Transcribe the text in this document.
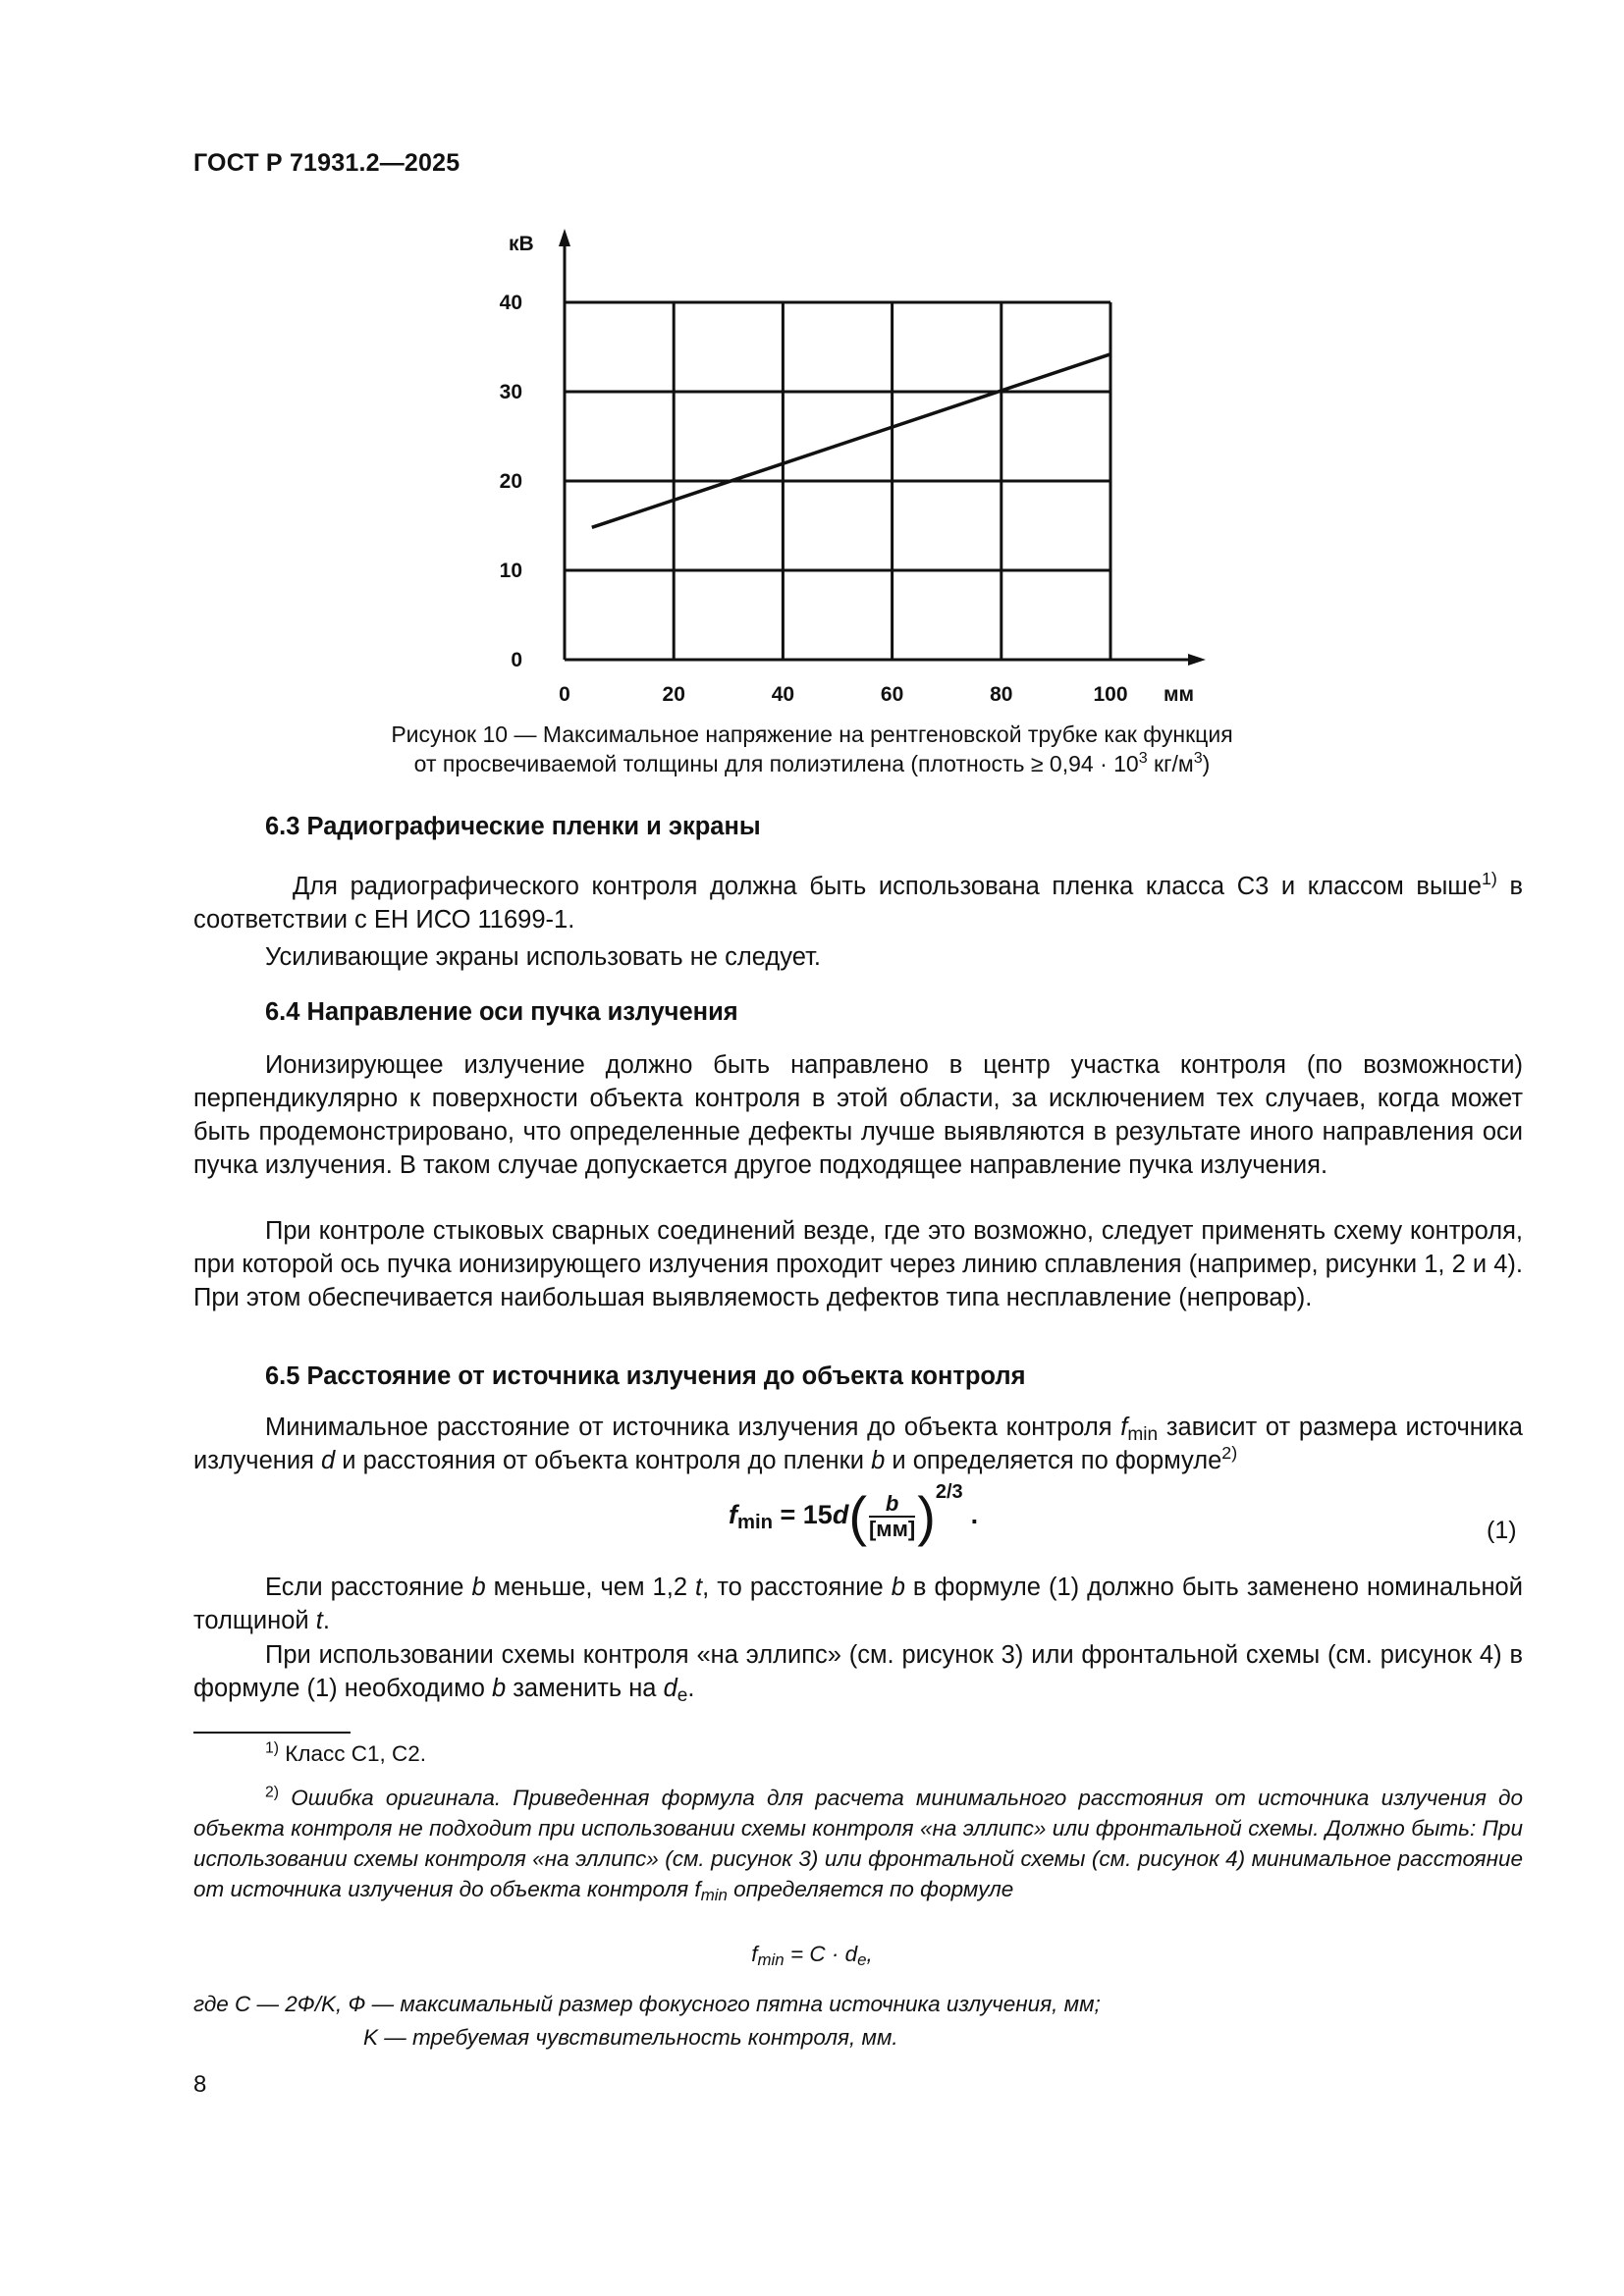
ГОСТ Р 71931.2—2025
0
10
20
30
40
0	20	40	60	80	100
кВ
мм
Рисунок 10 — Максимальное напряжение на рентгеновской трубке как функция
от просвечиваемой толщины для полиэтилена (плотность ≥ $0,94 \cdot 10^3$ $кг/м^3$)
6.3 Радиографические пленки и экраны
Для радиографического контроля должна быть использована пленка класса С3 и классом выше$^{1)}$ в соответствии с ЕН ИСО 11699-1.
Усиливающие экраны использовать не следует.
6.4 Направление оси пучка излучения
Ионизирующее излучение должно быть направлено в центр участка контроля (по возможности) перпендикулярно к поверхности объекта контроля в этой области, за исключением тех случаев, когда может быть продемонстрировано, что определенные дефекты лучше выявляются в результате иного направления оси пучка излучения. В таком случае допускается другое подходящее направление пучка излучения.
При контроле стыковых сварных соединений везде, где это возможно, следует применять схему контроля, при которой ось пучка ионизирующего излучения проходит через линию сплавления (например, рисунки 1, 2 и 4). При этом обеспечивается наибольшая выявляемость дефектов типа несплавление (непровар).
6.5 Расстояние от источника излучения до объекта контроля
Минимальное расстояние от источника излучения до объекта контроля $f_{min}$ зависит от размера источника излучения d и расстояния от объекта контроля до пленки b и определяется по формуле$^{2)}$
$f_{min} = 15d( \frac{b}{[мм]} )^{2/3}$.
(1)
Если расстояние b меньше, чем 1,2 t, то расстояние b в формуле (1) должно быть заменено номинальной толщиной t.
При использовании схемы контроля «на эллипс» (см. рисунок 3) или фронтальной схемы (см. рисунок 4) в формуле (1) необходимо b заменить на $d_e$.
$^{1)}$ Класс С1, С2.
$^{2)}$ Ошибка оригинала. Приведенная формула для расчета минимального расстояния от источника излучения до объекта контроля не подходит при использовании схемы контроля «на эллипс» или фронтальной схемы. Должно быть: При использовании схемы контроля «на эллипс» (см. рисунок 3) или фронтальной схемы (см. рисунок 4) минимальное расстояние от источника излучения до объекта контроля $f_{min}$ определяется по формуле
$f_{min} = C \cdot d_e$,
где C — 2Ф/K, Ф — максимальный размер фокусного пятна источника излучения, мм;
K — требуемая чувствительность контроля, мм.
8
